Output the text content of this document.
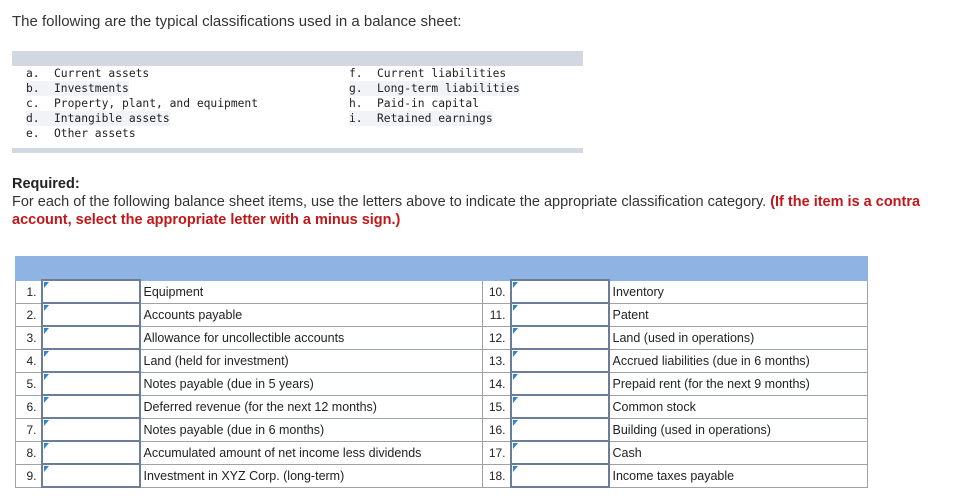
The following are the typical classifications used in a balance sheet:
a. Current assets
b. Investments
c. Property, plant, and equipment
d. Intangible assets
e. Other assets
f. Current liabilities
g. Long-term liabilities
h. Paid-in capital
i. Retained earnings
Required:
For each of the following balance sheet items, use the letters above to indicate the appropriate classification category. (If the item is a contra account, select the appropriate letter with a minus sign.)

1.		Equipment	10.		Inventory
2.		Accounts payable	11.		Patent
3.		Allowance for uncollectible accounts	12.		Land (used in operations)
4.		Land (held for investment)	13.		Accrued liabilities (due in 6 months)
5.		Notes payable (due in 5 years)	14.		Prepaid rent (for the next 9 months)
6.		Deferred revenue (for the next 12 months)	15.		Common stock
7.		Notes payable (due in 6 months)	16.		Building (used in operations)
8.		Accumulated amount of net income less dividends	17.		Cash
9.		Investment in XYZ Corp. (long-term)	18.		Income taxes payable
